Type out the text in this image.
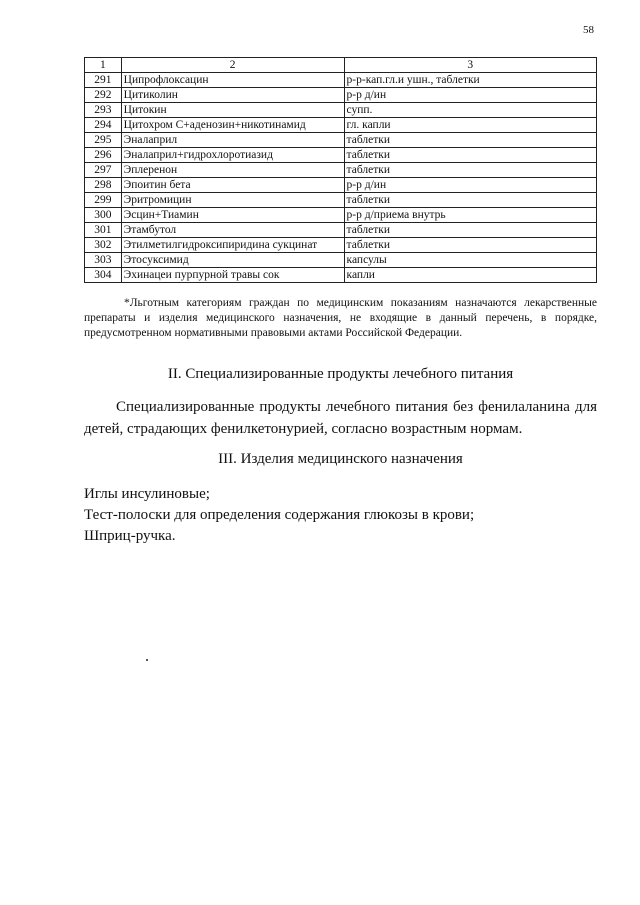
58
1	2	3
291	Ципрофлоксацин	р-р-кап.гл.и ушн., таблетки
292	Цитиколин	р-р д/ин
293	Цитокин	супп.
294	Цитохром С+аденозин+никотинамид	гл. капли
295	Эналаприл	таблетки
296	Эналаприл+гидрохлоротиазид	таблетки
297	Эплеренон	таблетки
298	Эпоитин бета	р-р д/ин
299	Эритромицин	таблетки
300	Эсцин+Тиамин	р-р д/приема внутрь
301	Этамбутол	таблетки
302	Этилметилгидроксипиридина сукцинат	таблетки
303	Этосуксимид	капсулы
304	Эхинацеи пурпурной травы сок	капли
*Льготным категориям граждан по медицинским показаниям назначаются лекарственные препараты и изделия медицинского назначения, не входящие в данный перечень, в порядке, предусмотренном нормативными правовыми актами Российской Федерации.
II. Специализированные продукты лечебного питания
Специализированные продукты лечебного питания без фенилаланина для детей, страдающих фенилкетонурией, согласно возрастным нормам.
III. Изделия медицинского назначения
Иглы инсулиновые;
Тест-полоски для определения содержания глюкозы в крови;
Шприц-ручка.
